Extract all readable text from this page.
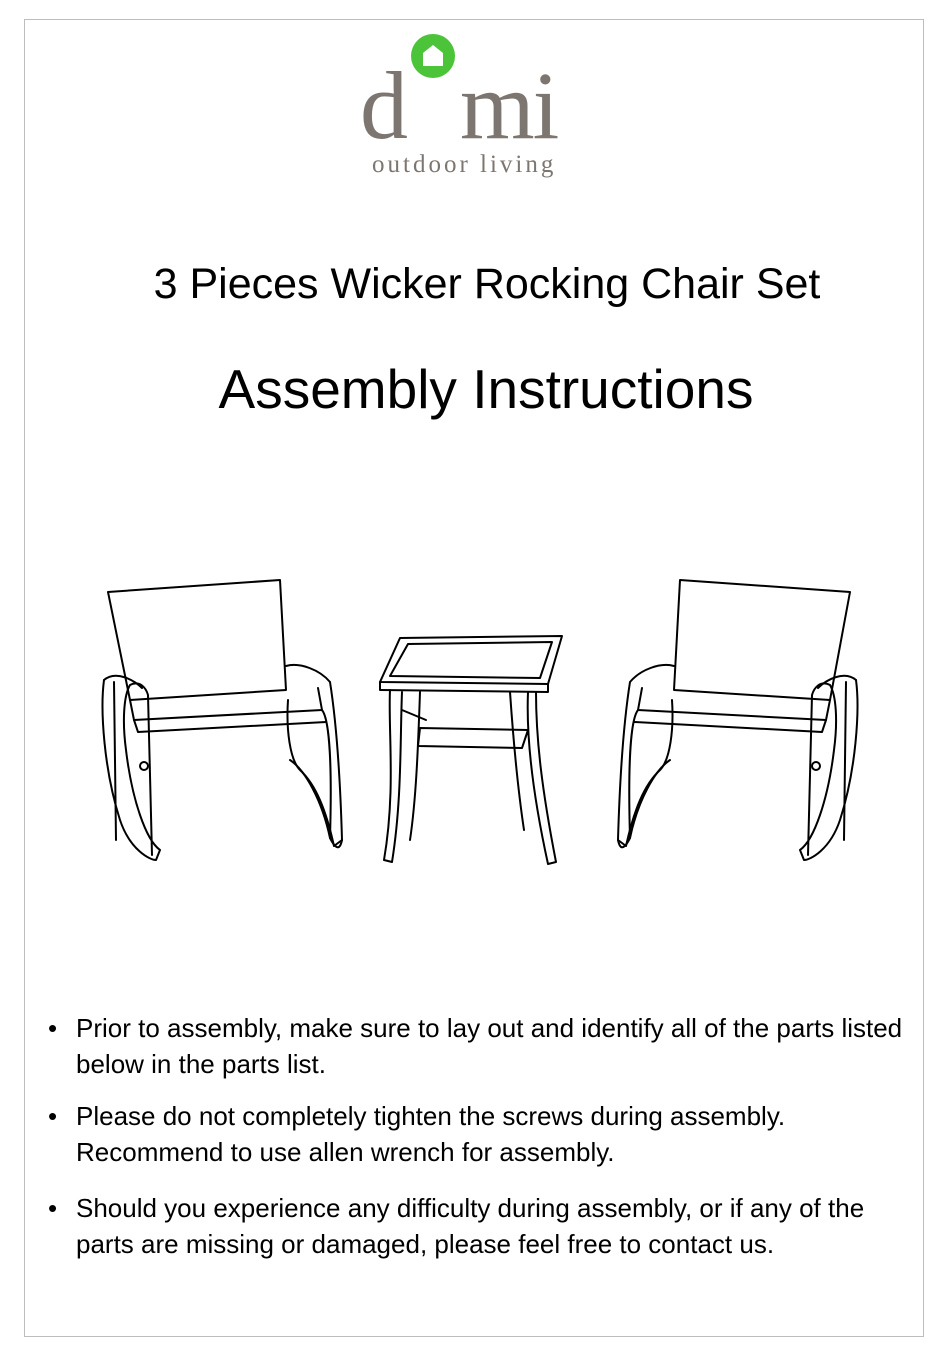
d mi
outdoor living
3 Pieces Wicker Rocking Chair Set
Assembly Instructions
• Prior to assembly, make sure to lay out and identify all of the parts listed below in the parts list.
• Please do not completely tighten the screws during assembly. Recommend to use allen wrench for assembly.
• Should you experience any difficulty during assembly, or if any of the parts are missing or damaged, please feel free to contact us.
